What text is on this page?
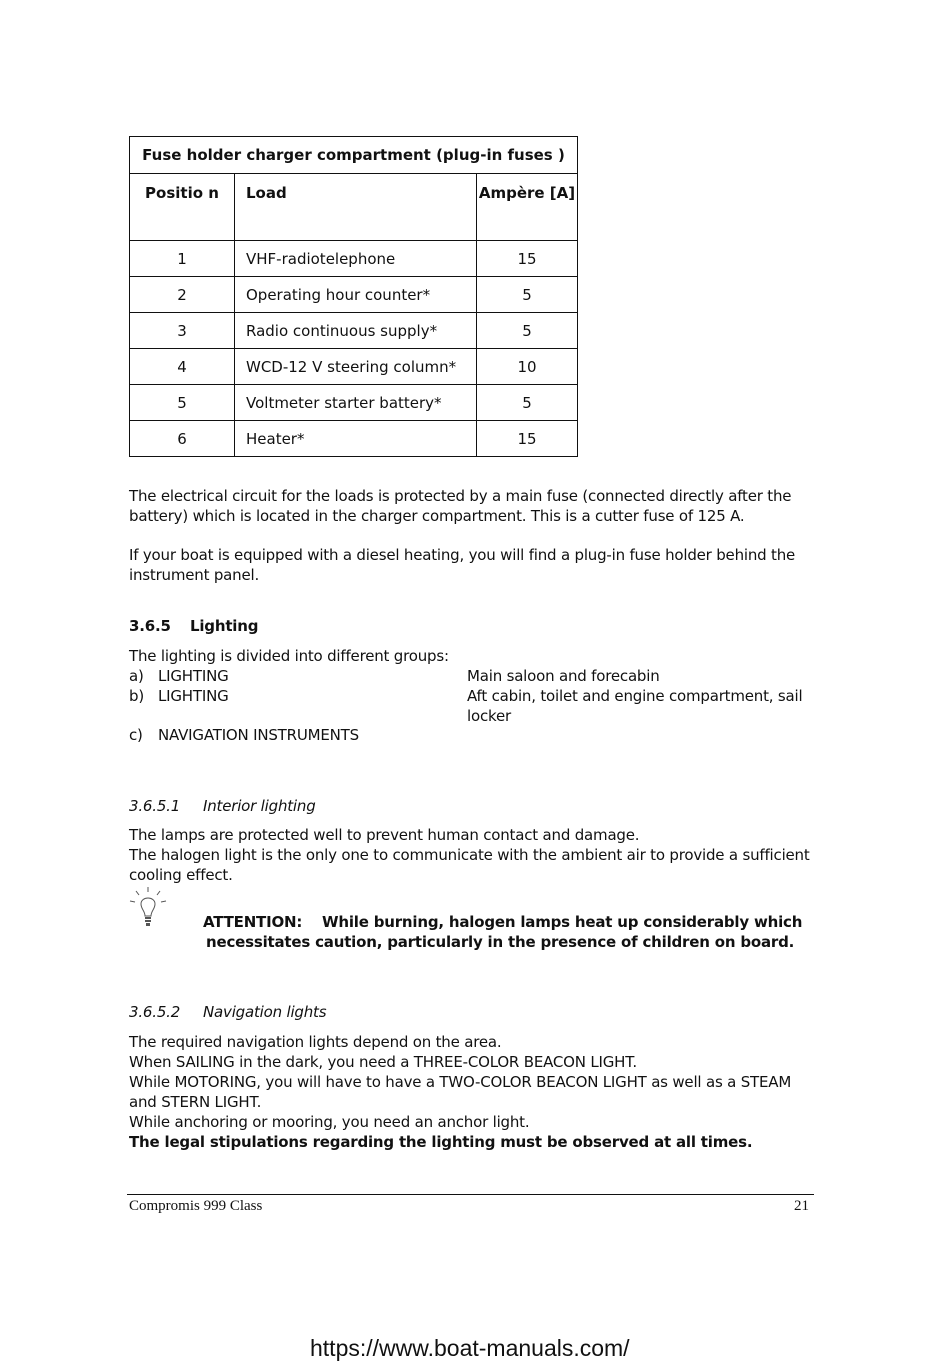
Fuse holder charger compartment (plug-in fuses )		
Positio n	Load	Ampère [A]
1	VHF-radiotelephone	15
2	Operating hour counter*	5
3	Radio continuous supply*	5
4	WCD-12 V steering column*	10
5	Voltmeter starter battery*	5
6	Heater*	15
The electrical circuit for the loads is protected by a main fuse (connected directly after the
battery) which is located in the charger compartment. This is a cutter fuse of 125 A.
If your boat is equipped with a diesel heating, you will find a plug-in fuse holder behind the
instrument panel.
3.6.5 Lighting
The lighting is divided into different groups:
a) LIGHTING	Main saloon and forecabin
b) LIGHTING	Aft cabin, toilet and engine compartment, sail
locker
c) NAVIGATION INSTRUMENTS
3.6.5.1 Interior lighting
The lamps are protected well to prevent human contact and damage.
The halogen light is the only one to communicate with the ambient air to provide a sufficient
cooling effect.
ATTENTION: While burning, halogen lamps heat up considerably which
necessitates caution, particularly in the presence of children on board.
3.6.5.2 Navigation lights
The required navigation lights depend on the area.
When SAILING in the dark, you need a THREE-COLOR BEACON LIGHT.
While MOTORING, you will have to have a TWO-COLOR BEACON LIGHT as well as a STEAM
and STERN LIGHT.
While anchoring or mooring, you need an anchor light.
The legal stipulations regarding the lighting must be observed at all times.
Compromis 999 Class	21
https://www.boat-manuals.com/
